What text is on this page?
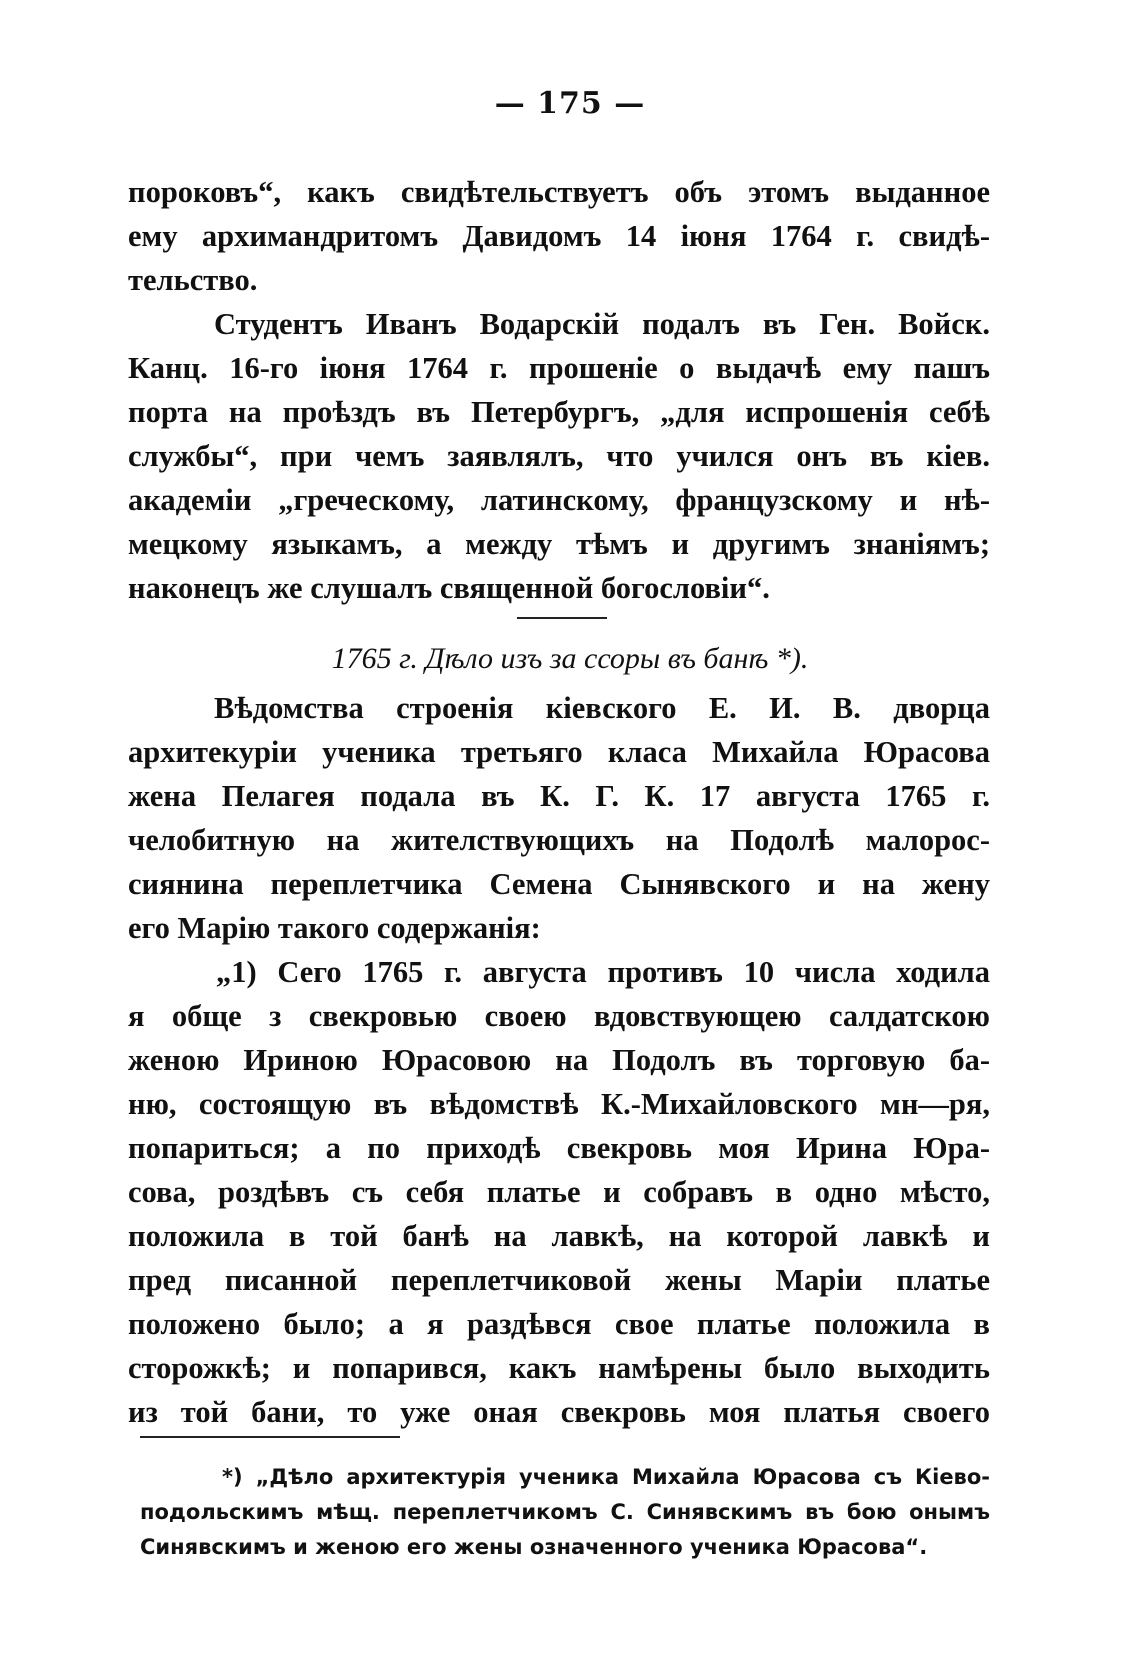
— 175 —
пороковъ“, какъ свидѣтельствуетъ объ этомъ выданное
ему архимандритомъ Давидомъ 14 іюня 1764 г. свидѣ-
тельство.
Студентъ Иванъ Водарскій подалъ въ Ген. Войск.
Канц. 16-го іюня 1764 г. прошеніе о выдачѣ ему пашъ
порта на проѣздъ въ Петербургъ, „для испрошенія себѣ
службы“, при чемъ заявлялъ, что учился онъ въ кіев.
академіи „греческому, латинскому, французскому и нѣ-
мецкому языкамъ, а между тѣмъ и другимъ знаніямъ;
наконецъ же слушалъ священной богословіи“.
1765 г. Дѣло изъ за ссоры въ банѣ *).
Вѣдомства строенія кіевского Е. И. В. дворца
архитекуріи ученика третьяго класа Михайла Юрасова
жена Пелагея подала въ К. Г. К. 17 августа 1765 г.
челобитную на жителствующихъ на Подолѣ малорос-
сиянина переплетчика Семена Сынявского и на жену
его Марію такого содержанія:
„1) Сего 1765 г. августа противъ 10 числа ходила
я обще з свекровью своею вдовствующею салдатскою
женою Ириною Юрасовою на Подолъ въ торговую ба-
ню, состоящую въ вѣдомствѣ К.-Михайловского мн—ря,
попариться; а по приходѣ свекровь моя Ирина Юра-
сова, роздѣвъ съ себя платье и собравъ в одно мѣсто,
положила в той банѣ на лавкѣ, на которой лавкѣ и
пред писанной переплетчиковой жены Маріи платье
положено было; а я раздѣвся свое платье положила в
сторожкѣ; и попарився, какъ намѣрены было выходить
из той бани, то уже оная свекровь моя платья своего
*) „Дѣло архитектурія ученика Михайла Юрасова съ Кіево-
подольскимъ мѣщ. переплетчикомъ С. Синявскимъ въ бою онымъ
Синявскимъ и женою его жены означенного ученика Юрасова“.
